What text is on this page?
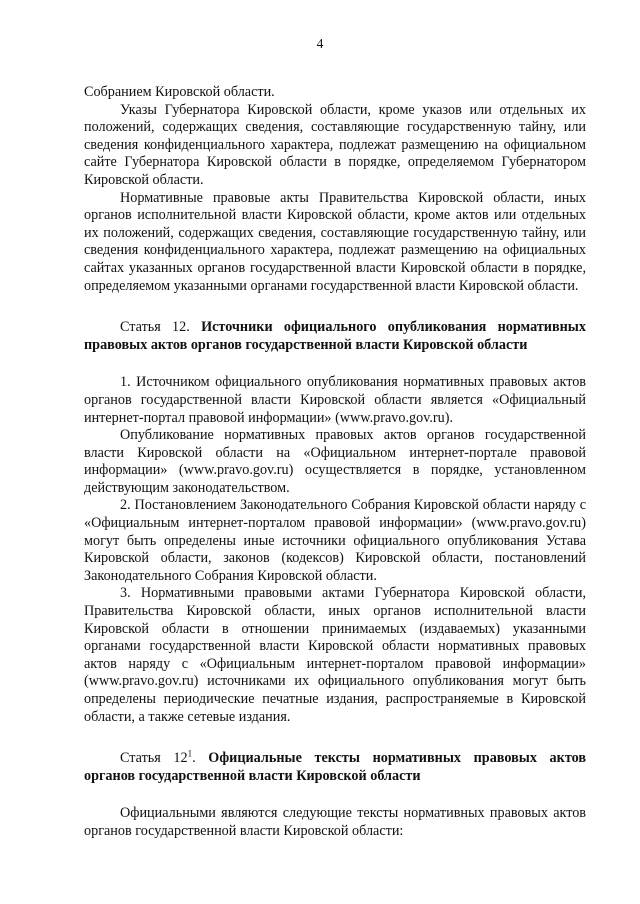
4

Собранием Кировской области.

Указы Губернатора Кировской области, кроме указов или отдельных их положений, содержащих сведения, составляющие государственную тайну, или сведения конфиденциального характера, подлежат размещению на официальном сайте Губернатора Кировской области в порядке, определяемом Губернатором Кировской области.

Нормативные правовые акты Правительства Кировской области, иных органов исполнительной власти Кировской области, кроме актов или отдельных их положений, содержащих сведения, составляющие государственную тайну, или сведения конфиденциального характера, подлежат размещению на официальных сайтах указанных органов государственной власти Кировской области в порядке, определяемом указанными органами государственной власти Кировской области.

Статья 12. Источники официального опубликования нормативных правовых актов органов государственной власти Кировской области

1. Источником официального опубликования нормативных правовых актов органов государственной власти Кировской области является «Официальный интернет-портал правовой информации» (www.pravo.gov.ru).

Опубликование нормативных правовых актов органов государственной власти Кировской области на «Официальном интернет-портале правовой информации» (www.pravo.gov.ru) осуществляется в порядке, установленном действующим законодательством.

2. Постановлением Законодательного Собрания Кировской области наряду с «Официальным интернет-порталом правовой информации» (www.pravo.gov.ru) могут быть определены иные источники официального опубликования Устава Кировской области, законов (кодексов) Кировской области, постановлений Законодательного Собрания Кировской области.

3. Нормативными правовыми актами Губернатора Кировской области, Правительства Кировской области, иных органов исполнительной власти Кировской области в отношении принимаемых (издаваемых) указанными органами государственной власти Кировской области нормативных правовых актов наряду с «Официальным интернет-порталом правовой информации» (www.pravo.gov.ru) источниками их официального опубликования могут быть определены периодические печатные издания, распространяемые в Кировской области, а также сетевые издания.

Статья $12^1$. Официальные тексты нормативных правовых актов органов государственной власти Кировской области

Официальными являются следующие тексты нормативных правовых актов органов государственной власти Кировской области:
